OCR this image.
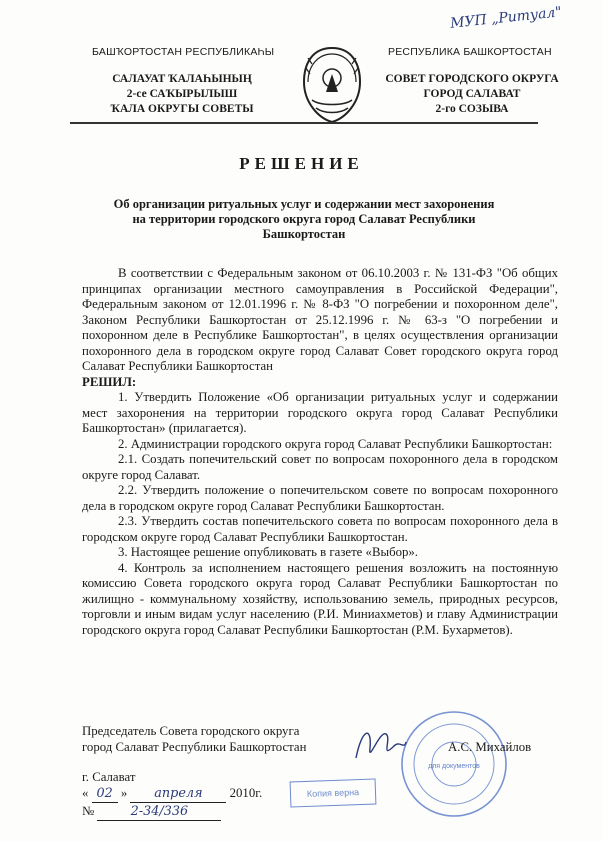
БАШҠОРТОСТАН РЕСПУБЛИКАҺЫ	РЕСПУБЛИКА БАШКОРТОСТАН
МУП „Ритуал"
САЛАУАТ ҠАЛАҺЫНЫҢ
2-се САҠЫРЫЛЫШ
ҠАЛА ОКРУГЫ СОВЕТЫ
СОВЕТ ГОРОДСКОГО ОКРУГА
ГОРОД САЛАВАТ
2-го СОЗЫВА
РЕШЕНИЕ
Об организации ритуальных услуг и содержании мест захоронения
на территории городского округа город Салават Республики
Башкортостан

В соответствии с Федеральным законом от 06.10.2003 г. № 131-ФЗ "Об общих принципах организации местного самоуправления в Российской Федерации", Федеральным законом от 12.01.1996 г. № 8-ФЗ "О погребении и похоронном деле", Законом Республики Башкортостан от 25.12.1996 г. № 63-з "О погребении и похоронном деле в Республике Башкортостан", в целях осуществления организации похоронного дела в городском округе город Салават Совет городского округа город Салават Республики Башкортостан

РЕШИЛ:

1. Утвердить Положение «Об организации ритуальных услуг и содержании мест захоронения на территории городского округа город Салават Республики Башкортостан» (прилагается).

2. Администрации городского округа город Салават Республики Башкортостан:

2.1. Создать попечительский совет по вопросам похоронного дела в городском округе город Салават.

2.2. Утвердить положение о попечительском совете по вопросам похоронного дела в городском округе город Салават Республики Башкортостан.

2.3. Утвердить состав попечительского совета по вопросам похоронного дела в городском округе город Салават Республики Башкортостан.

3. Настоящее решение опубликовать в газете «Выбор».

4. Контроль за исполнением настоящего решения возложить на постоянную комиссию Совета городского округа город Салават Республики Башкортостан по жилищно - коммунальному хозяйству, использованию земель, природных ресурсов, торговли и иным видам услуг населению (Р.И. Миниахметов) и главу Администрации городского округа город Салават Республики Башкортостан (Р.М. Бухарметов).

для документов
Председатель Совета городского округа
город Салават Республики Башкортостан	А.С. Михайлов
г. Салават
« 02 » апреля 2010г.
№	2-34/336
Копия верна
